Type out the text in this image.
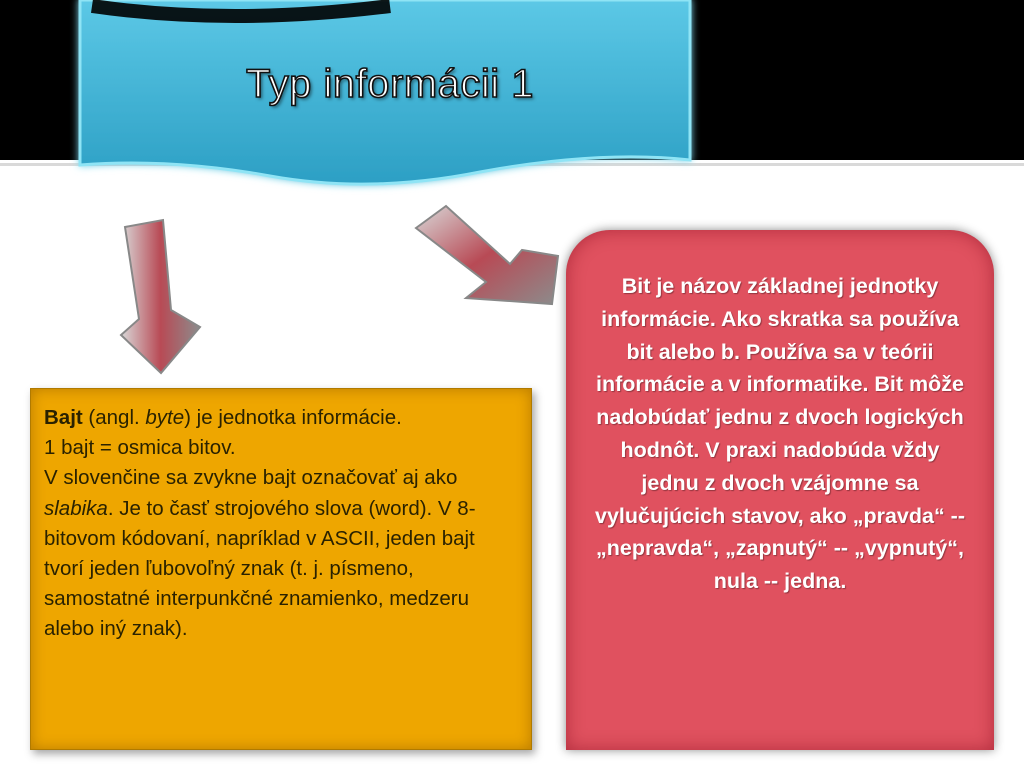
Typ informácii 1

Bajt (angl. byte) je jednotka informácie.

1 bajt = osmica bitov.

V slovenčine sa zvykne bajt označovať aj ako slabika. Je to časť strojového slova (word). V 8-bitovom kódovaní, napríklad v ASCII, jeden bajt tvorí jeden ľubovoľný znak (t. j. písmeno, samostatné interpunkčné znamienko, medzeru alebo iný znak).

Bit je názov základnej jednotky informácie. Ako skratka sa používa bit alebo b. Používa sa v teórii informácie a v informatike. Bit môže nadobúdať jednu z dvoch logických hodnôt. V praxi nadobúda vždy jednu z dvoch vzájomne sa vylučujúcich stavov, ako „pravda“ -- „nepravda“, „zapnutý“ -- „vypnutý“, nula -- jedna.
